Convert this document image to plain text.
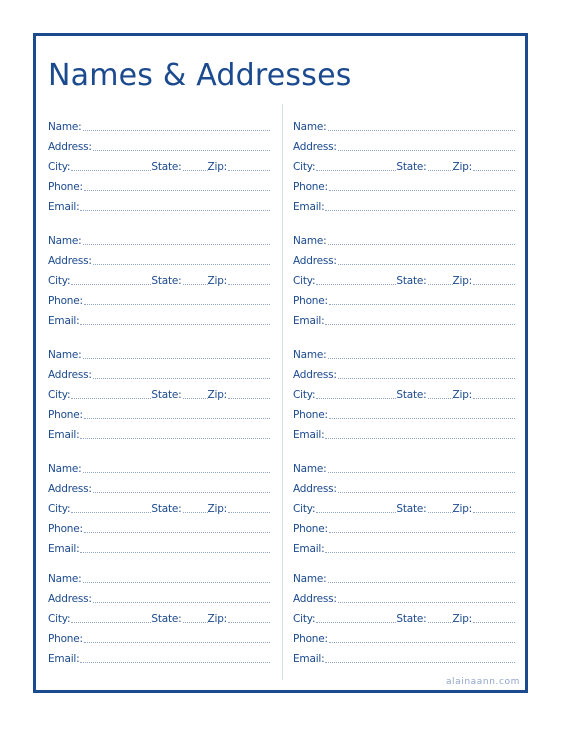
Names & Addresses
Name:
Address:
City:	State: Zip:
Phone:
Email:
Name:
Address:
City:	State: Zip:
Phone:
Email:
Name:
Address:
City:	State: Zip:
Phone:
Email:
Name:
Address:
City:	State: Zip:
Phone:
Email:
Name:
Address:
City:	State: Zip:
Phone:
Email:
Name:
Address:
City:	State: Zip:
Phone:
Email:
Name:
Address:
City:	State: Zip:
Phone:
Email:
Name:
Address:
City:	State: Zip:
Phone:
Email:
Name:
Address:
City:	State: Zip:
Phone:
Email:
Name:
Address:
City:	State: Zip:
Phone:
Email:
alainaann.com
